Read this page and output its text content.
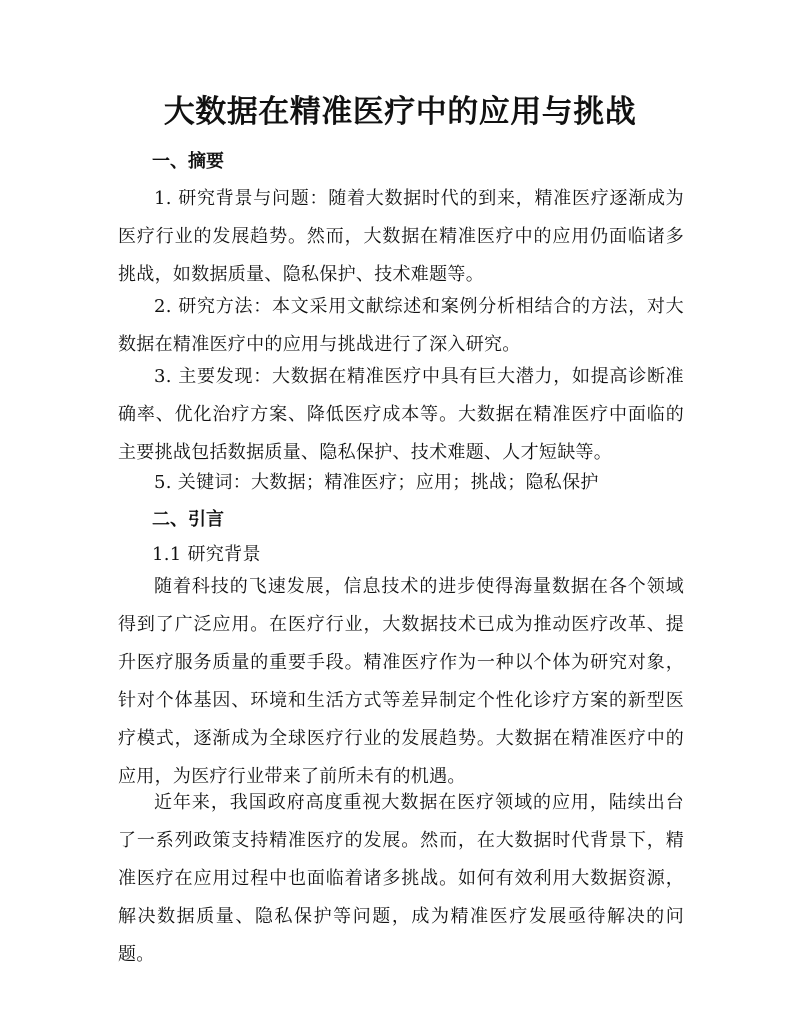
大数据在精准医疗中的应用与挑战
一、摘要

1. 研究背景与问题：随着大数据时代的到来，精准医疗逐渐成为医疗行业的发展趋势。然而，大数据在精准医疗中的应用仍面临诸多挑战，如数据质量、隐私保护、技术难题等。

2. 研究方法：本文采用文献综述和案例分析相结合的方法，对大数据在精准医疗中的应用与挑战进行了深入研究。

3. 主要发现：大数据在精准医疗中具有巨大潜力，如提高诊断准确率、优化治疗方案、降低医疗成本等。大数据在精准医疗中面临的主要挑战包括数据质量、隐私保护、技术难题、人才短缺等。

5. 关键词：大数据；精准医疗；应用；挑战；隐私保护

二、引言
1.1 研究背景

随着科技的飞速发展，信息技术的进步使得海量数据在各个领域得到了广泛应用。在医疗行业，大数据技术已成为推动医疗改革、提升医疗服务质量的重要手段。精准医疗作为一种以个体为研究对象，针对个体基因、环境和生活方式等差异制定个性化诊疗方案的新型医疗模式，逐渐成为全球医疗行业的发展趋势。大数据在精准医疗中的应用，为医疗行业带来了前所未有的机遇。

近年来，我国政府高度重视大数据在医疗领域的应用，陆续出台了一系列政策支持精准医疗的发展。然而，在大数据时代背景下，精准医疗在应用过程中也面临着诸多挑战。如何有效利用大数据资源，解决数据质量、隐私保护等问题，成为精准医疗发展亟待解决的问题。
